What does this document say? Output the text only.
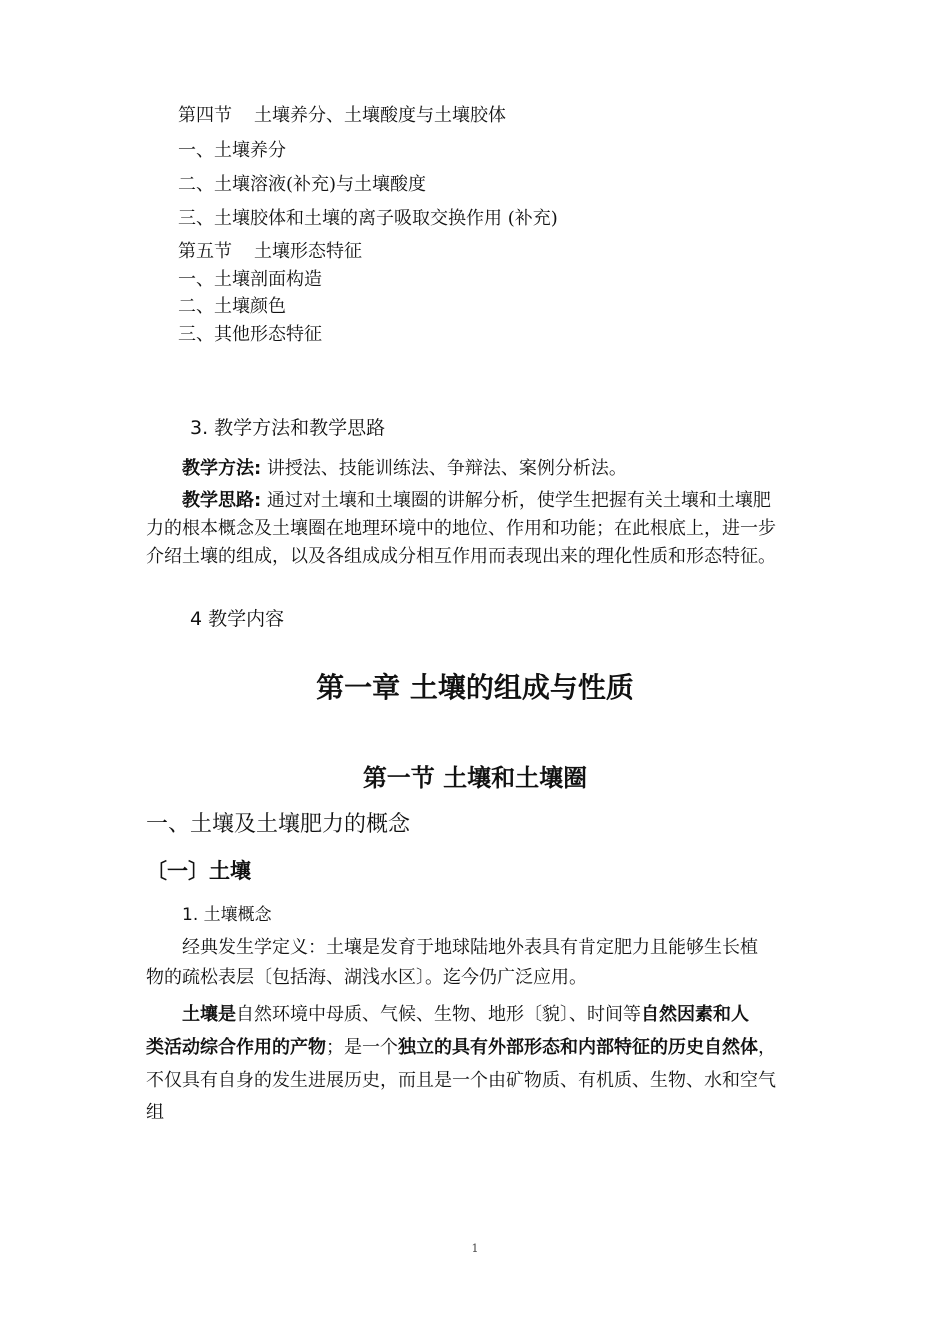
第四节 土壤养分、土壤酸度与土壤胶体
一、土壤养分
二、土壤溶液(补充)与土壤酸度
三、土壤胶体和土壤的离子吸取交换作用 (补充)
第五节 土壤形态特征
一、土壤剖面构造
二、土壤颜色
三、其他形态特征
3. 教学方法和教学思路
教学方法: 讲授法、技能训练法、争辩法、案例分析法。
教学思路: 通过对土壤和土壤圈的讲解分析，使学生把握有关土壤和土壤肥
力的根本概念及土壤圈在地理环境中的地位、作用和功能；在此根底上，进一步
介绍土壤的组成，以及各组成成分相互作用而表现出来的理化性质和形态特征。
4 教学内容
第一章 土壤的组成与性质
第一节 土壤和土壤圈
一、土壤及土壤肥力的概念
〔一〕土壤
1. 土壤概念
经典发生学定义：土壤是发育于地球陆地外表具有肯定肥力且能够生长植
物的疏松表层〔包括海、湖浅水区〕。迄今仍广泛应用。
土壤是自然环境中母质、气候、生物、地形〔貌〕、时间等自然因素和人
类活动综合作用的产物；是一个独立的具有外部形态和内部特征的历史自然体，
不仅具有自身的发生进展历史，而且是一个由矿物质、有机质、生物、水和空气
组
1
